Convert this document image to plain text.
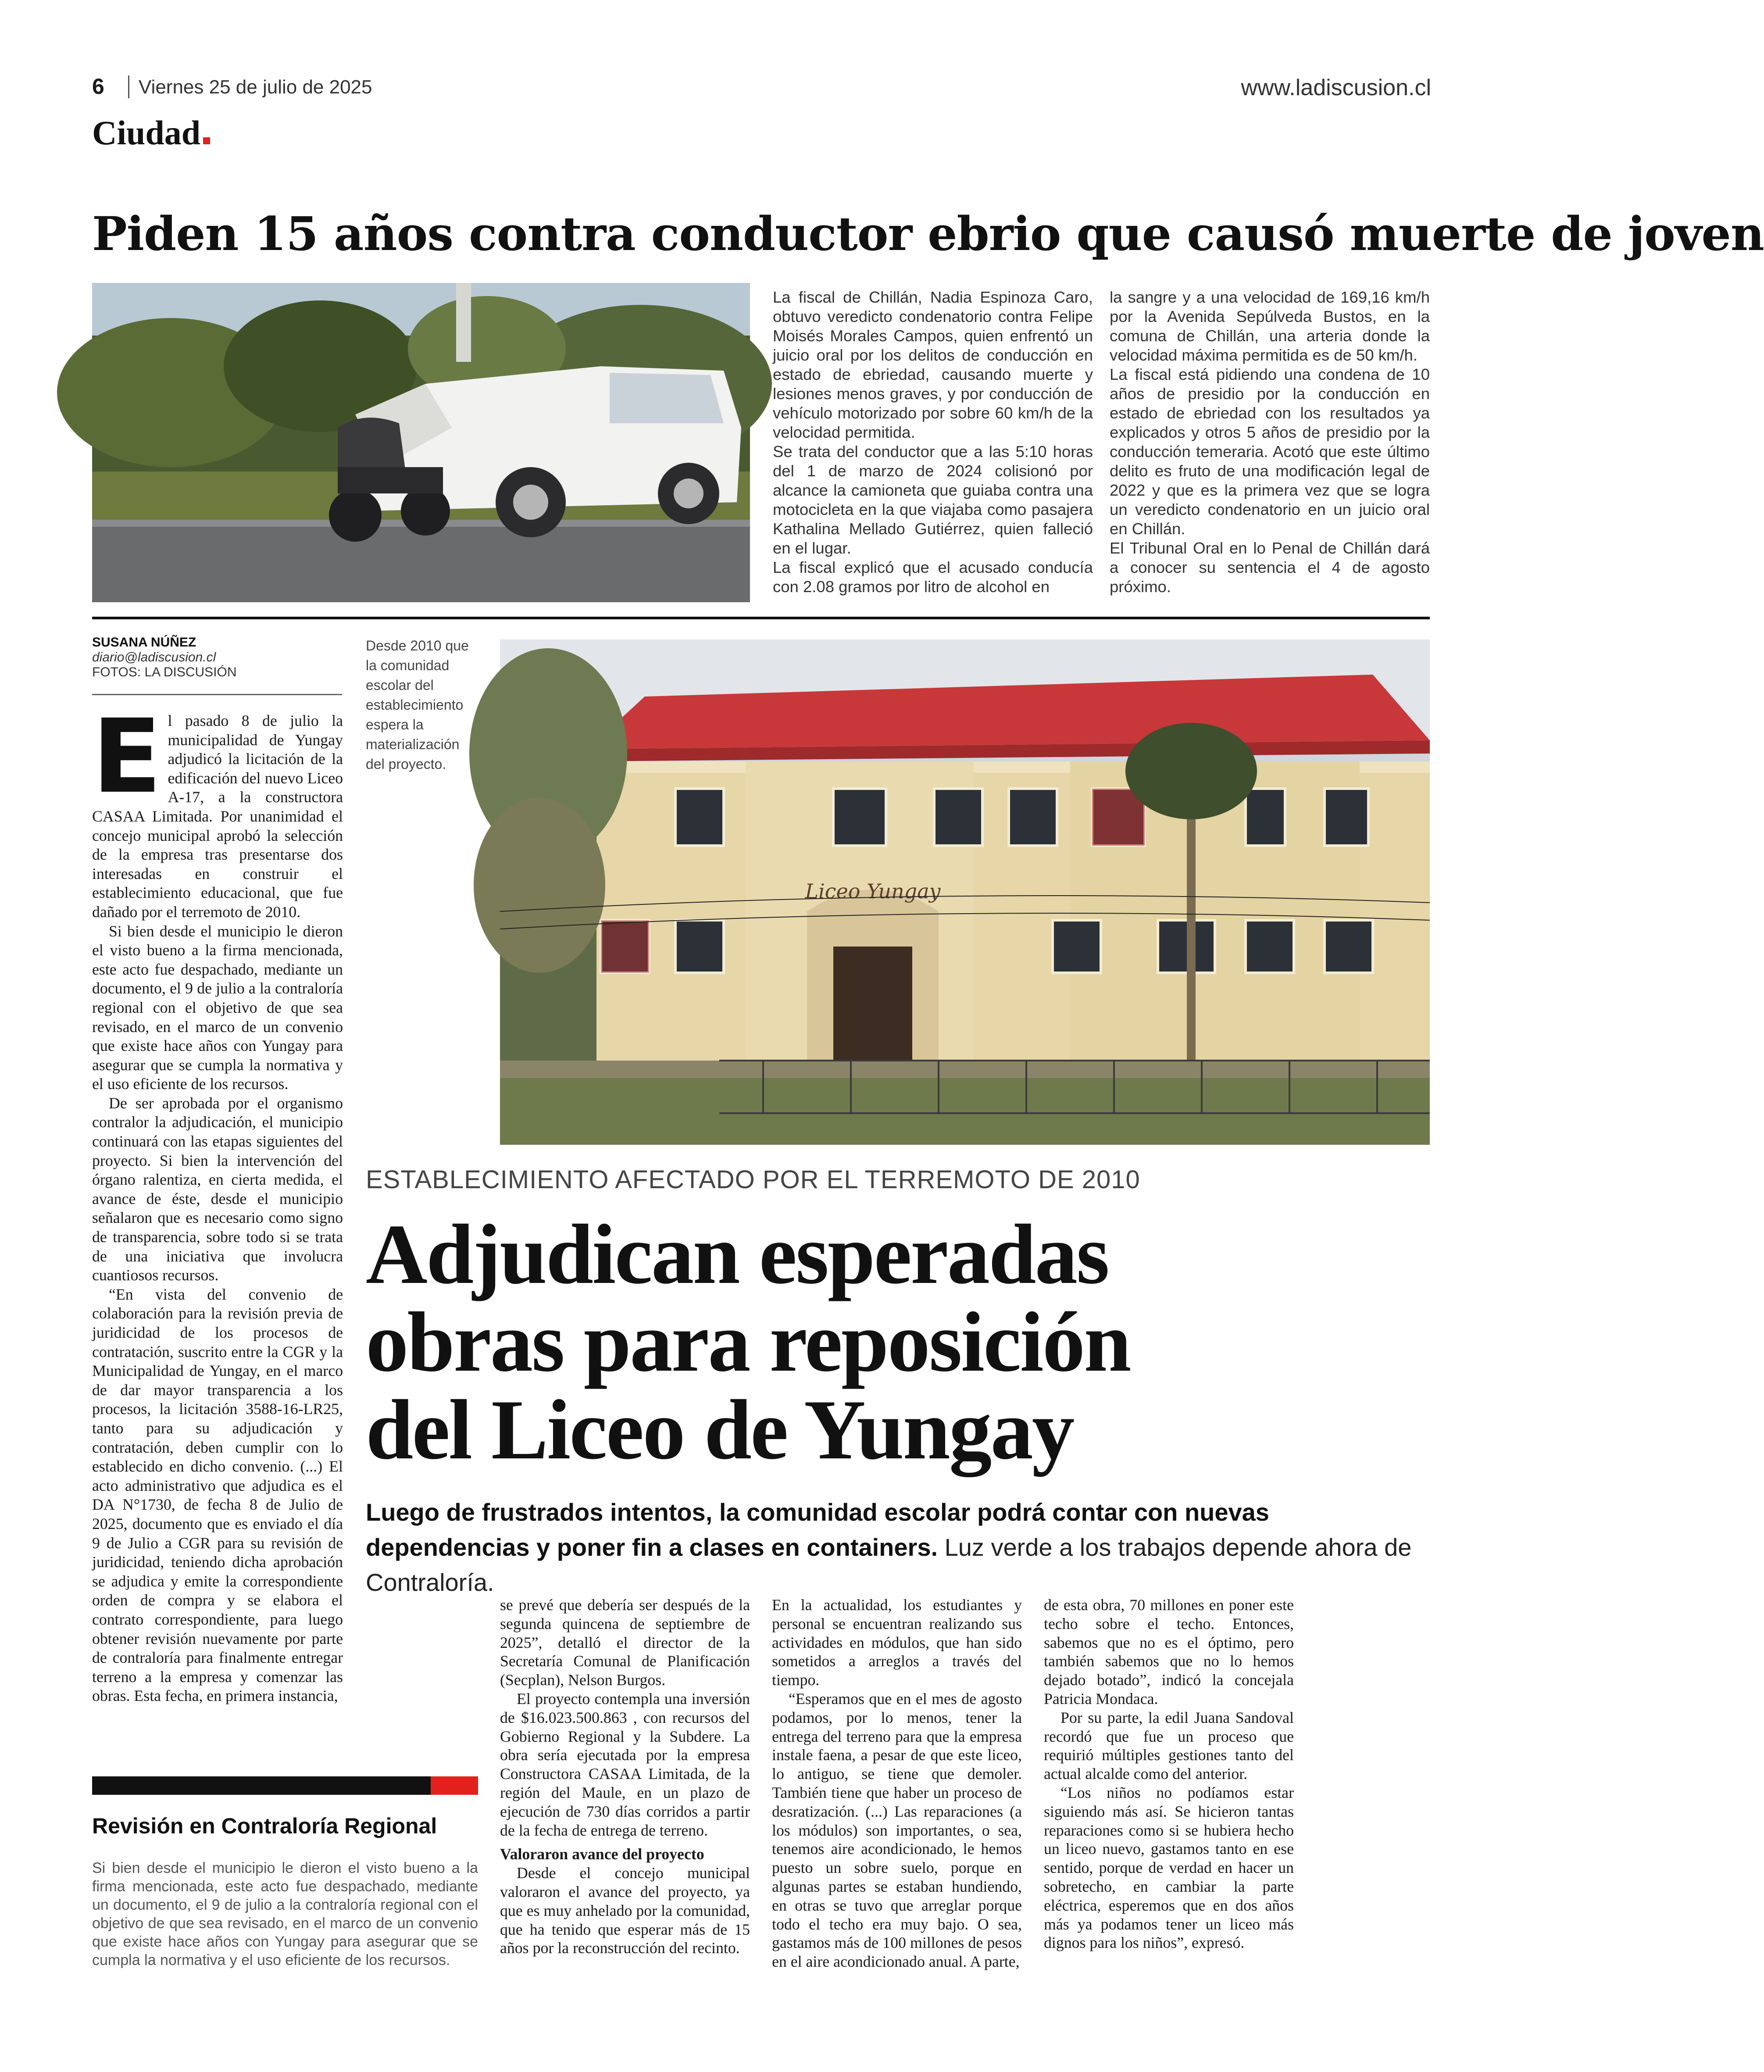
6 Viernes 25 de julio de 2025	www.ladiscusion.cl
Ciudad
Piden 15 años contra conductor ebrio que causó muerte de joven

La fiscal de Chillán, Nadia Espinoza Caro, obtuvo veredicto condenatorio contra Felipe Moisés Morales Campos, quien enfrentó un juicio oral por los delitos de conducción en estado de ebriedad, causando muerte y lesiones menos graves, y por conducción de vehículo motorizado por sobre 60 km/h de la velocidad permitida.

Se trata del conductor que a las 5:10 horas del 1 de marzo de 2024 colisionó por alcance la camioneta que guiaba contra una motocicleta en la que viajaba como pasajera Kathalina Mellado Gutiérrez, quien falleció en el lugar.

La fiscal explicó que el acusado conducía con 2.08 gramos por litro de alcohol en

la sangre y a una velocidad de 169,16 km/h por la Avenida Sepúlveda Bustos, en la comuna de Chillán, una arteria donde la velocidad máxima permitida es de 50 km/h.

La fiscal está pidiendo una condena de 10 años de presidio por la conducción en estado de ebriedad con los resultados ya explicados y otros 5 años de presidio por la conducción temeraria. Acotó que este último delito es fruto de una modificación legal de 2022 y que es la primera vez que se logra un veredicto condenatorio en un juicio oral en Chillán.

El Tribunal Oral en lo Penal de Chillán dará a conocer su sentencia el 4 de agosto próximo.

SUSANA NÚÑEZ
diario@ladiscusion.cl
FOTOS: LA DISCUSIÓN

El pasado 8 de julio la municipalidad de Yungay adjudicó la licitación de la edificación del nuevo Liceo A-17, a la constructora CASAA Limitada. Por unanimidad el concejo municipal aprobó la selección de la empresa tras presentarse dos interesadas en construir el establecimiento educacional, que fue dañado por el terremoto de 2010.

Si bien desde el municipio le dieron el visto bueno a la firma mencionada, este acto fue despachado, mediante un documento, el 9 de julio a la contraloría regional con el objetivo de que sea revisado, en el marco de un convenio que existe hace años con Yungay para asegurar que se cumpla la normativa y el uso eficiente de los recursos.

De ser aprobada por el organismo contralor la adjudicación, el municipio continuará con las etapas siguientes del proyecto. Si bien la intervención del órgano ralentiza, en cierta medida, el avance de éste, desde el municipio señalaron que es necesario como signo de transparencia, sobre todo si se trata de una iniciativa que involucra cuantiosos recursos.

“En vista del convenio de colaboración para la revisión previa de juridicidad de los procesos de contratación, suscrito entre la CGR y la Municipalidad de Yungay, en el marco de dar mayor transparencia a los procesos, la licitación 3588-16-LR25, tanto para su adjudicación y contratación, deben cumplir con lo establecido en dicho convenio. (...) El acto administrativo que adjudica es el DA N°1730, de fecha 8 de Julio de 2025, documento que es enviado el día 9 de Julio a CGR para su revisión de juridicidad, teniendo dicha aprobación se adjudica y emite la correspondiente orden de compra y se elabora el contrato correspondiente, para luego obtener revisión nuevamente por parte de contraloría para finalmente entregar terreno a la empresa y comenzar las obras. Esta fecha, en primera instancia,

Desde 2010 que la comunidad escolar del establecimiento espera la materialización del proyecto.
Liceo Yungay
ESTABLECIMIENTO AFECTADO POR EL TERREMOTO DE 2010
Adjudican esperadas
obras para reposición
del Liceo de Yungay
Luego de frustrados intentos, la comunidad escolar podrá contar con nuevas dependencias y poner fin a clases en containers. Luz verde a los trabajos depende ahora de Contraloría.

se prevé que debería ser después de la segunda quincena de septiembre de 2025”, detalló el director de la Secretaría Comunal de Planificación (Secplan), Nelson Burgos.

El proyecto contempla una inversión de $16.023.500.863 , con recursos del Gobierno Regional y la Subdere. La obra sería ejecutada por la empresa Constructora CASAA Limitada, de la región del Maule, en un plazo de ejecución de 730 días corridos a partir de la fecha de entrega de terreno.

Valoraron avance del proyecto

Desde el concejo municipal valoraron el avance del proyecto, ya que es muy anhelado por la comunidad, que ha tenido que esperar más de 15 años por la reconstrucción del recinto.

En la actualidad, los estudiantes y personal se encuentran realizando sus actividades en módulos, que han sido sometidos a arreglos a través del tiempo.

“Esperamos que en el mes de agosto podamos, por lo menos, tener la entrega del terreno para que la empresa instale faena, a pesar de que este liceo, lo antiguo, se tiene que demoler. También tiene que haber un proceso de desratización. (...) Las reparaciones (a los módulos) son importantes, o sea, tenemos aire acondicionado, le hemos puesto un sobre suelo, porque en algunas partes se estaban hundiendo, en otras se tuvo que arreglar porque todo el techo era muy bajo. O sea, gastamos más de 100 millones de pesos en el aire acondicionado anual. A parte,

de esta obra, 70 millones en poner este techo sobre el techo. Entonces, sabemos que no es el óptimo, pero también sabemos que no lo hemos dejado botado”, indicó la concejala Patricia Mondaca.

Por su parte, la edil Juana Sandoval recordó que fue un proceso que requirió múltiples gestiones tanto del actual alcalde como del anterior.

“Los niños no podíamos estar siguiendo más así. Se hicieron tantas reparaciones como si se hubiera hecho un liceo nuevo, gastamos tanto en ese sentido, porque de verdad en hacer un sobretecho, en cambiar la parte eléctrica, esperemos que en dos años más ya podamos tener un liceo más dignos para los niños”, expresó.

Revisión en Contraloría Regional
Si bien desde el municipio le dieron el visto bueno a la firma mencionada, este acto fue despachado, mediante un documento, el 9 de julio a la contraloría regional con el objetivo de que sea revisado, en el marco de un convenio que existe hace años con Yungay para asegurar que se cumpla la normativa y el uso eficiente de los recursos.
